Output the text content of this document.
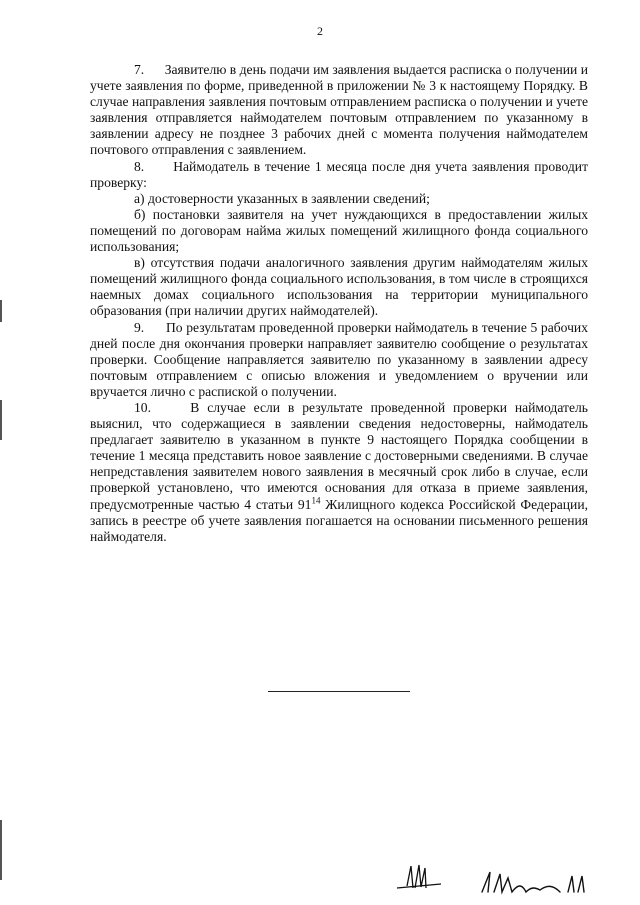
2

7. Заявителю в день подачи им заявления выдается расписка о получении и учете заявления по форме, приведенной в приложении № 3 к настоящему Порядку. В случае направления заявления почтовым отправлением расписка о получении и учете заявления отправляется наймодателем почтовым отправлением по указанному в заявлении адресу не позднее 3 рабочих дней с момента получения наймодателем почтового отправления с заявлением.

8. Наймодатель в течение 1 месяца после дня учета заявления проводит проверку:

а) достоверности указанных в заявлении сведений;

б) постановки заявителя на учет нуждающихся в предоставлении жилых помещений по договорам найма жилых помещений жилищного фонда социального использования;

в) отсутствия подачи аналогичного заявления другим наймодателям жилых помещений жилищного фонда социального использования, в том числе в строящихся наемных домах социального использования на территории муниципального образования (при наличии других наймодателей).

9. По результатам проведенной проверки наймодатель в течение 5 рабочих дней после дня окончания проверки направляет заявителю сообщение о результатах проверки. Сообщение направляется заявителю по указанному в заявлении адресу почтовым отправлением с описью вложения и уведомлением о вручении или вручается лично с распиской о получении.

10.	В случае если в результате проведенной проверки наймодатель выяснил, что содержащиеся в заявлении сведения недостоверны, наймодатель предлагает заявителю в указанном в пункте 9 настоящего Порядка сообщении в течение 1 месяца представить новое заявление с достоверными сведениями. В случае непредставления заявителем нового заявления в месячный срок либо в случае, если проверкой установлено, что имеются основания для отказа в приеме заявления, предусмотренные частью 4 статьи $91^{14}$ Жилищного кодекса Российской Федерации, запись в реестре об учете заявления погашается на основании письменного решения наймодателя.
